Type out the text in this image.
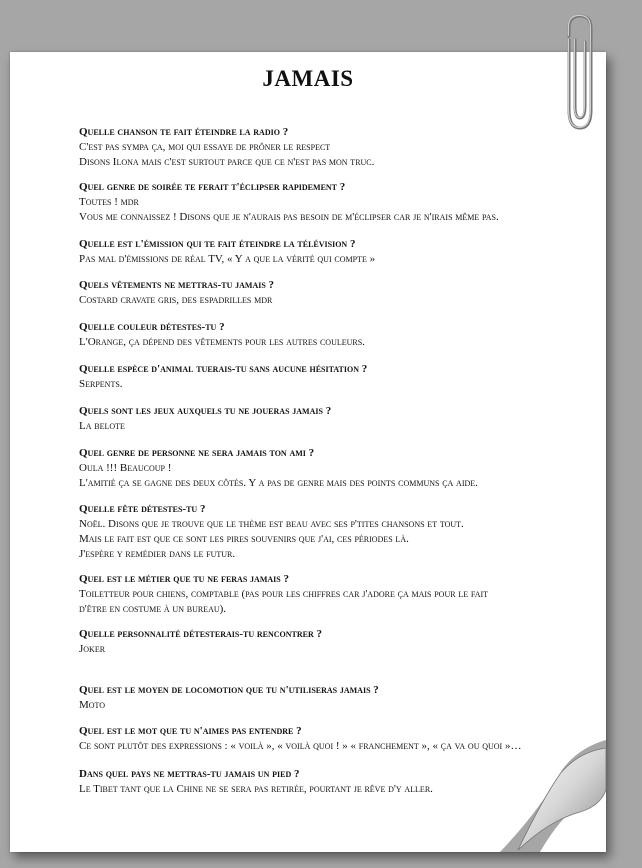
JAMAIS
Quelle chanson te fait éteindre la radio ?
C'est pas sympa ça, moi qui essaye de prôner le respect
Disons Ilona mais c'est surtout parce que ce n'est pas mon truc.
Quel genre de soirée te ferait t'éclipser rapidement ?
Toutes ! mdr
Vous me connaissez ! Disons que je n'aurais pas besoin de m'éclipser car je n'irais même pas.
Quelle est l'émission qui te fait éteindre la télévision ?
Pas mal d'émissions de réal TV, « Y a que la vérité qui compte »
Quels vêtements ne mettras-tu jamais ?
Costard cravate gris, des espadrilles mdr
Quelle couleur détestes-tu ?
L'Orange, ça dépend des vêtements pour les autres couleurs.
Quelle espèce d'animal tuerais-tu sans aucune hésitation ?
Serpents.
Quels sont les jeux auxquels tu ne joueras jamais ?
La belote
Quel genre de personne ne sera jamais ton ami ?
Oula !!! Beaucoup !
L'amitié ça se gagne des deux côtés. Y a pas de genre mais des points communs ça aide.
Quelle fête détestes-tu ?
Noël. Disons que je trouve que le thème est beau avec ses p'tites chansons et tout.
Mais le fait est que ce sont les pires souvenirs que j'ai, ces périodes là.
J'espère y remédier dans le futur.
Quel est le métier que tu ne feras jamais ?
Toiletteur pour chiens, comptable (pas pour les chiffres car j'adore ça mais pour le fait
d'être en costume à un bureau).
Quelle personnalité détesterais-tu rencontrer ?
Joker
Quel est le moyen de locomotion que tu n'utiliseras jamais ?
Moto
Quel est le mot que tu n'aimes pas entendre ?
Ce sont plutôt des expressions : « voilà », « voilà quoi ! » « franchement », « ça va ou quoi »…
Dans quel pays ne mettras-tu jamais un pied ?
Le Tibet tant que la Chine ne se sera pas retirée, pourtant je rêve d'y aller.
